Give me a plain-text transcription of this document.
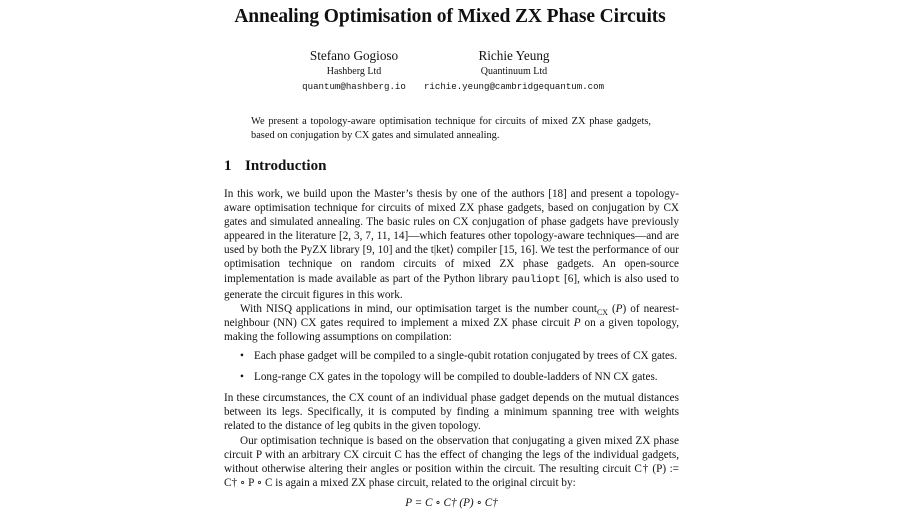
Annealing Optimisation of Mixed ZX Phase Circuits
Stefano Gogioso
Hashberg Ltd
quantum@hashberg.io
Richie Yeung
Quantinuum Ltd
richie.yeung@cambridgequantum.com
We present a topology-aware optimisation technique for circuits of mixed ZX phase gadgets, based on conjugation by CX gates and simulated annealing.
1 Introduction

In this work, we build upon the Master’s thesis by one of the authors [18] and present a topology-aware optimisation technique for circuits of mixed ZX phase gadgets, based on conjugation by CX gates and simulated annealing. The basic rules on CX conjugation of phase gadgets have previously appeared in the literature [2, 3, 7, 11, 14]—which features other topology-aware techniques—and are used by both the PyZX library [9, 10] and the t|ket⟩ compiler [15, 16]. We test the performance of our optimisation technique on random circuits of mixed ZX phase gadgets. An open-source implementation is made available as part of the Python library pauliopt [6], which is also used to generate the circuit figures in this work.

With NISQ applications in mind, our optimisation target is the number count$_{CX}$ (P) of nearest-neighbour (NN) CX gates required to implement a mixed ZX phase circuit P on a given topology, making the following assumptions on compilation:

• Each phase gadget will be compiled to a single-qubit rotation conjugated by trees of CX gates.
• Long-range CX gates in the topology will be compiled to double-ladders of NN CX gates.

In these circumstances, the CX count of an individual phase gadget depends on the mutual distances between its legs. Specifically, it is computed by finding a minimum spanning tree with weights related to the distance of leg qubits in the given topology.

Our optimisation technique is based on the observation that conjugating a given mixed ZX phase circuit P with an arbitrary CX circuit C has the effect of changing the legs of the individual gadgets, without otherwise altering their angles or position within the circuit. The resulting circuit C† (P) := C† ∘ P ∘ C is again a mixed ZX phase circuit, related to the original circuit by:

P = C ∘ C† (P) ∘ C†
